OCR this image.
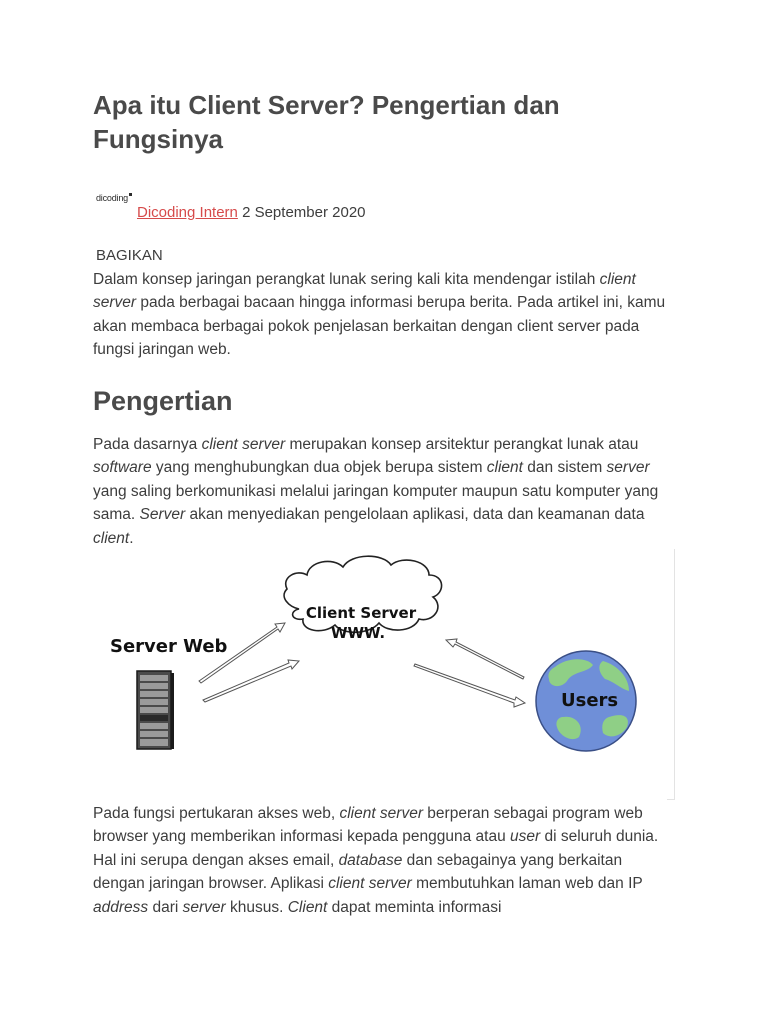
Apa itu Client Server? Pengertian dan Fungsinya
dicoding
Dicoding Intern 2 September 2020
BAGIKAN

Dalam konsep jaringan perangkat lunak sering kali kita mendengar istilah client server pada berbagai bacaan hingga informasi berupa berita. Pada artikel ini, kamu akan membaca berbagai pokok penjelasan berkaitan dengan client server pada fungsi jaringan web.

Pengertian

Pada dasarnya client server merupakan konsep arsitektur perangkat lunak atau software yang menghubungkan dua objek berupa sistem client dan sistem server yang saling berkomunikasi melalui jaringan komputer maupun satu komputer yang sama. Server akan menyediakan pengelolaan aplikasi, data dan keamanan data client.

Client Server
WWW.
Server Web
Users

Pada fungsi pertukaran akses web, client server berperan sebagai program web browser yang memberikan informasi kepada pengguna atau user di seluruh dunia. Hal ini serupa dengan akses email, database dan sebagainya yang berkaitan dengan jaringan browser. Aplikasi client server membutuhkan laman web dan IP address dari server khusus. Client dapat meminta informasi
